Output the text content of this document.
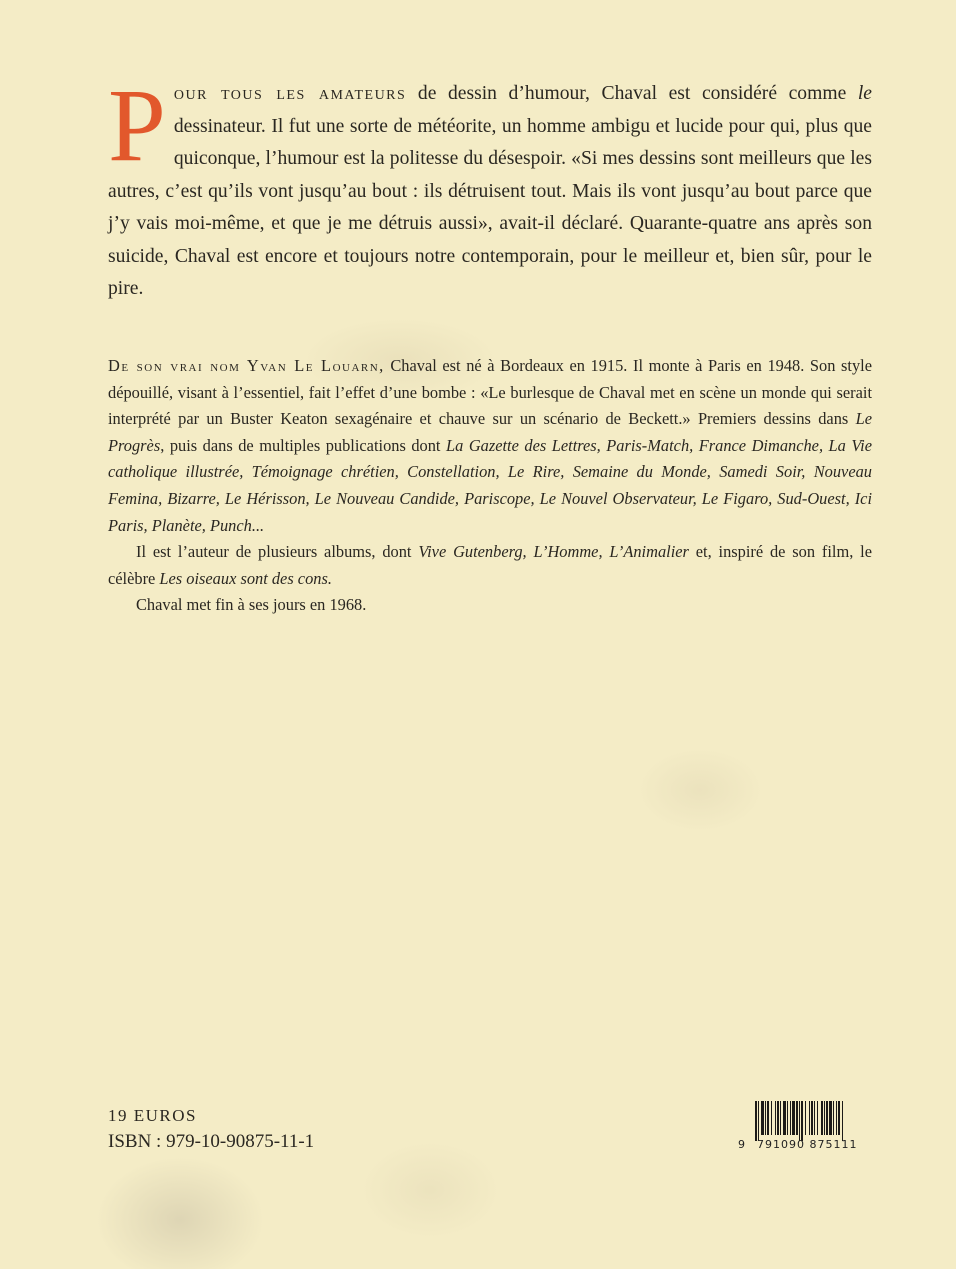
Pour tous les amateurs de dessin d’humour, Chaval est considéré comme le dessinateur. Il fut une sorte de météorite, un homme ambigu et lucide pour qui, plus que quiconque, l’humour est la politesse du désespoir. «Si mes dessins sont meilleurs que les autres, c’est qu’ils vont jusqu’au bout : ils détruisent tout. Mais ils vont jusqu’au bout parce que j’y vais moi-même, et que je me détruis aussi», avait-il déclaré. Quarante-quatre ans après son suicide, Chaval est encore et toujours notre contemporain, pour le meilleur et, bien sûr, pour le pire.

De son vrai nom Yvan Le Louarn, Chaval est né à Bordeaux en 1915. Il monte à Paris en 1948. Son style dépouillé, visant à l’essentiel, fait l’effet d’une bombe : «Le burlesque de Chaval met en scène un monde qui serait interprété par un Buster Keaton sexagénaire et chauve sur un scénario de Beckett.» Premiers dessins dans Le Progrès, puis dans de multiples publications dont La Gazette des Lettres, Paris-Match, France Dimanche, La Vie catholique illustrée, Témoignage chrétien, Constellation, Le Rire, Semaine du Monde, Samedi Soir, Nouveau Femina, Bizarre, Le Hérisson, Le Nouveau Candide, Pariscope, Le Nouvel Observateur, Le Figaro, Sud-Ouest, Ici Paris, Planète, Punch...

Il est l’auteur de plusieurs albums, dont Vive Gutenberg, L’Homme, L’Animalier et, inspiré de son film, le célèbre Les oiseaux sont des cons.

Chaval met fin à ses jours en 1968.

19 EUROS
ISBN : 979-10-90875-11-1	9 791090 875111
